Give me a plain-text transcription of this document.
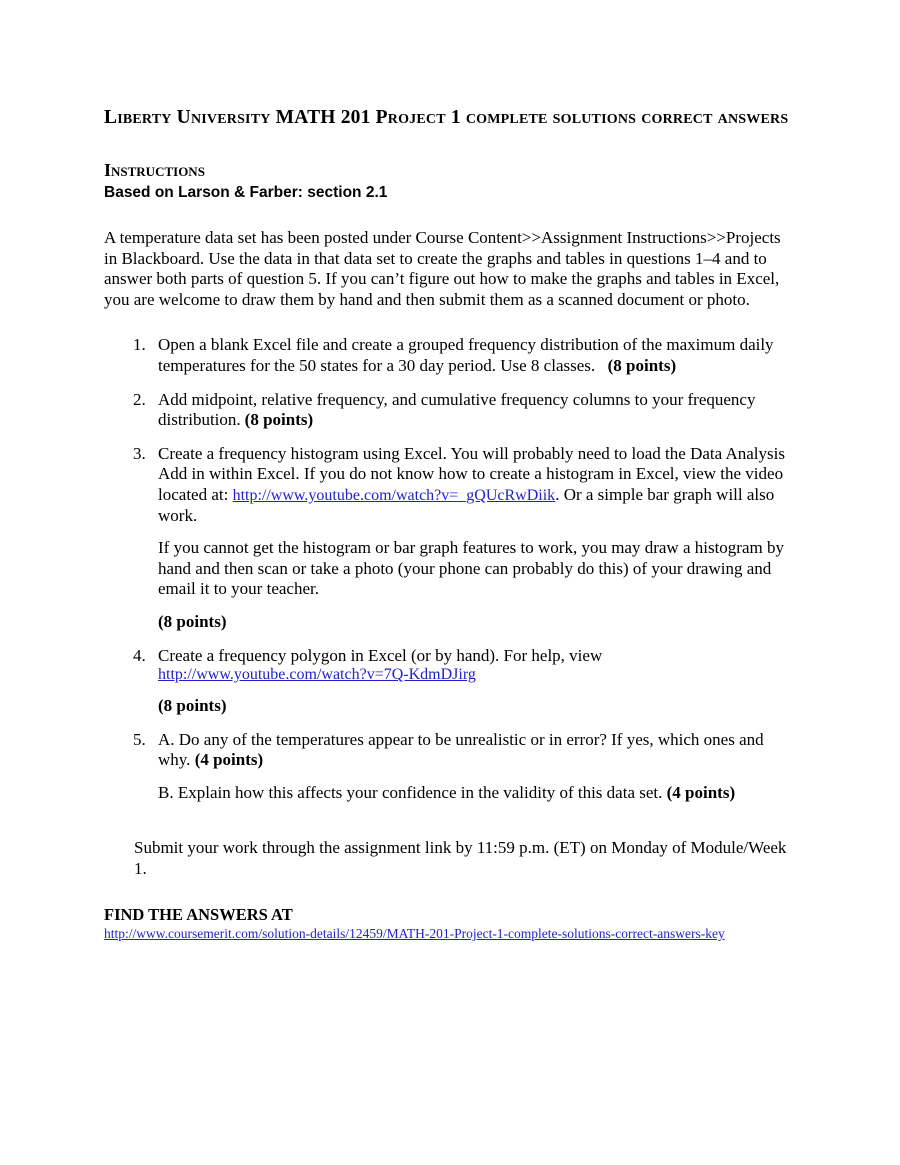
Liberty University MATH 201 Project 1 complete solutions correct answers
Instructions
Based on Larson & Farber: section 2.1

A temperature data set has been posted under Course Content>>Assignment Instructions>>Projects in Blackboard. Use the data in that data set to create the graphs and tables in questions 1–4 and to answer both parts of question 5. If you can’t figure out how to make the graphs and tables in Excel, you are welcome to draw them by hand and then submit them as a scanned document or photo.

1. Open a blank Excel file and create a grouped frequency distribution of the maximum daily temperatures for the 50 states for a 30 day period. Use 8 classes. (8 points)
2. Add midpoint, relative frequency, and cumulative frequency columns to your frequency distribution. (8 points)
3. Create a frequency histogram using Excel. You will probably need to load the Data Analysis Add in within Excel. If you do not know how to create a histogram in Excel, view the video located at: http://www.youtube.com/watch?v=_gQUcRwDiik. Or a simple bar graph will also work.
If you cannot get the histogram or bar graph features to work, you may draw a histogram by hand and then scan or take a photo (your phone can probably do this) of your drawing and email it to your teacher.
(8 points)
4. Create a frequency polygon in Excel (or by hand). For help, view
http://www.youtube.com/watch?v=7Q-KdmDJirg
(8 points)
5. A. Do any of the temperatures appear to be unrealistic or in error? If yes, which ones and why. (4 points)
B. Explain how this affects your confidence in the validity of this data set. (4 points)

Submit your work through the assignment link by 11:59 p.m. (ET) on Monday of Module/Week 1.

FIND THE ANSWERS AT
http://www.coursemerit.com/solution-details/12459/MATH-201-Project-1-complete-solutions-correct-answers-key
